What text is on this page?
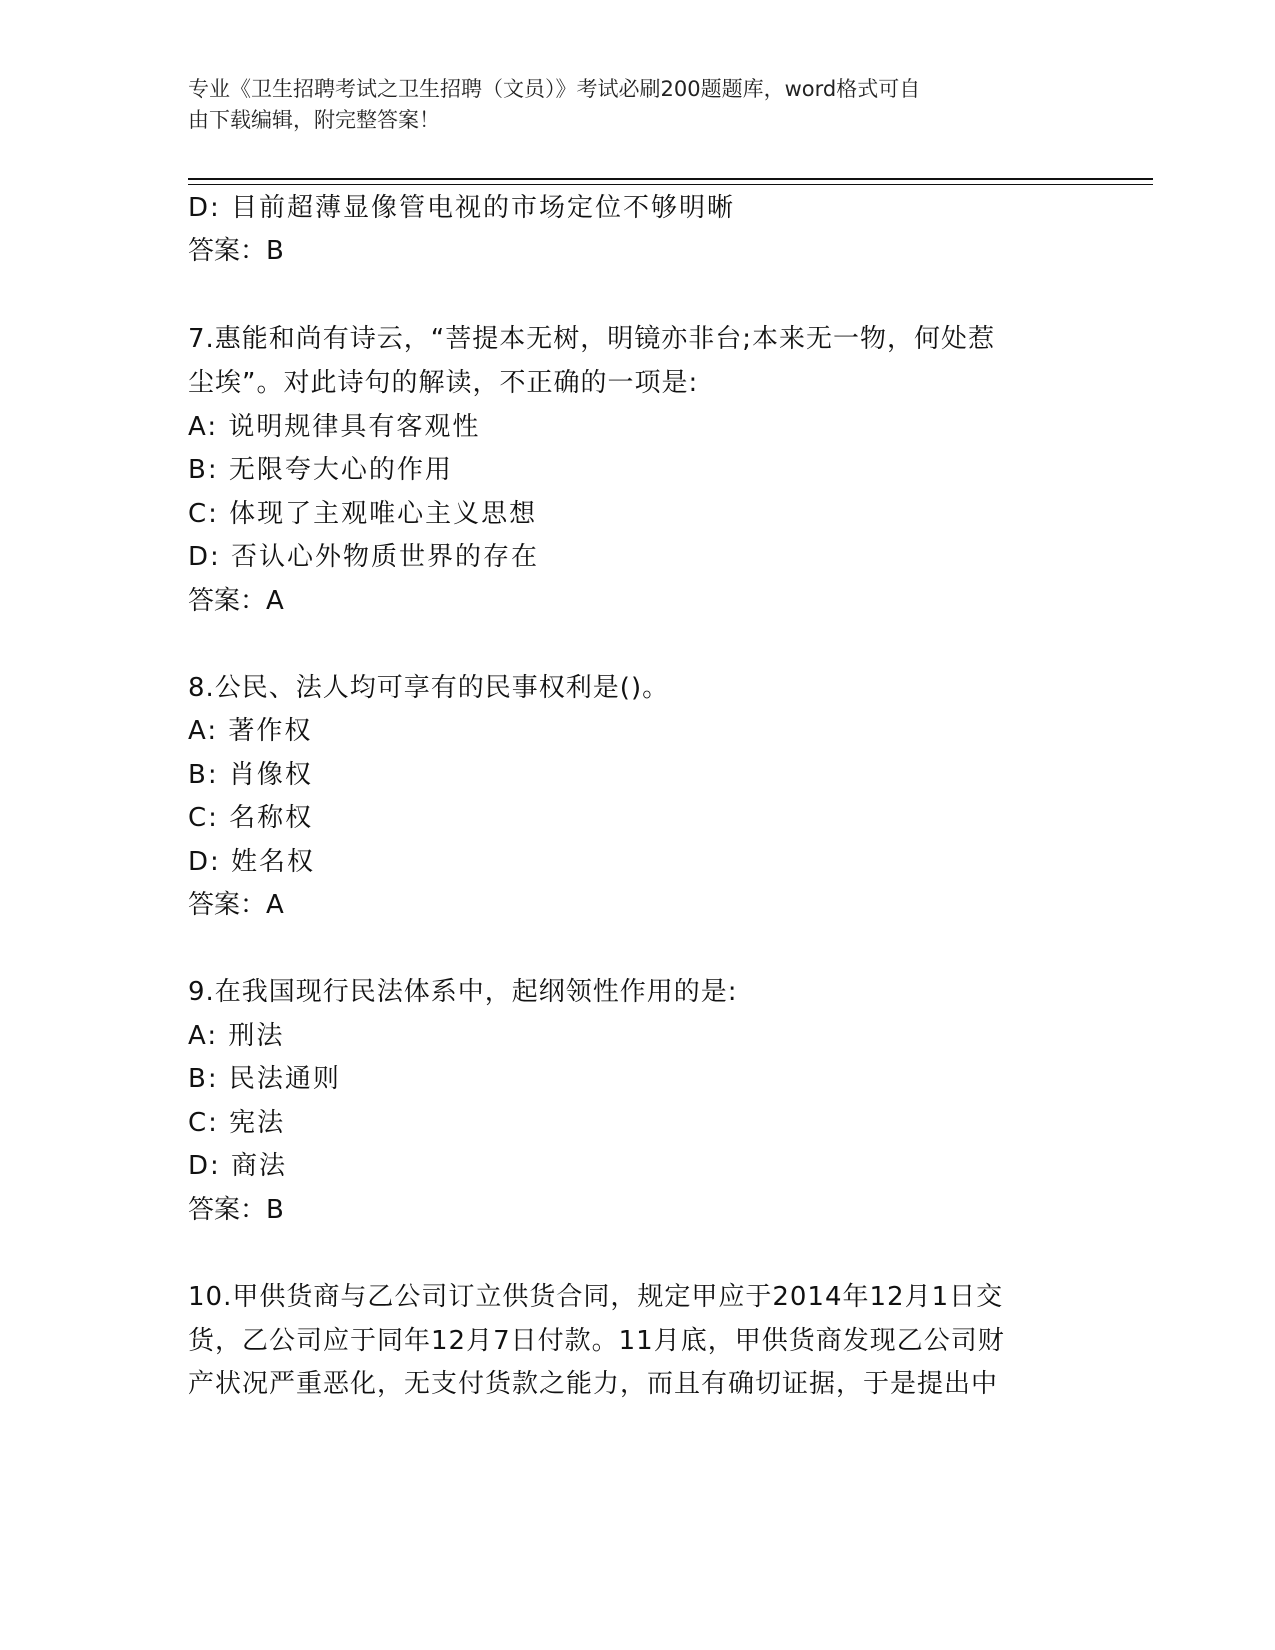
专业《卫生招聘考试之卫生招聘（文员）》考试必刷200题题库，word格式可自
由下载编辑，附完整答案！
D: 目前超薄显像管电视的市场定位不够明晰
答案：B
7.惠能和尚有诗云，“菩提本无树，明镜亦非台;本来无一物，何处惹
尘埃”。对此诗句的解读，不正确的一项是:
A: 说明规律具有客观性
B: 无限夸大心的作用
C: 体现了主观唯心主义思想
D: 否认心外物质世界的存在
答案：A
8.公民、法人均可享有的民事权利是()。
A: 著作权
B: 肖像权
C: 名称权
D: 姓名权
答案：A
9.在我国现行民法体系中，起纲领性作用的是:
A: 刑法
B: 民法通则
C: 宪法
D: 商法
答案：B
10.甲供货商与乙公司订立供货合同，规定甲应于2014年12月1日交
货，乙公司应于同年12月7日付款。11月底，甲供货商发现乙公司财
产状况严重恶化，无支付货款之能力，而且有确切证据，于是提出中
